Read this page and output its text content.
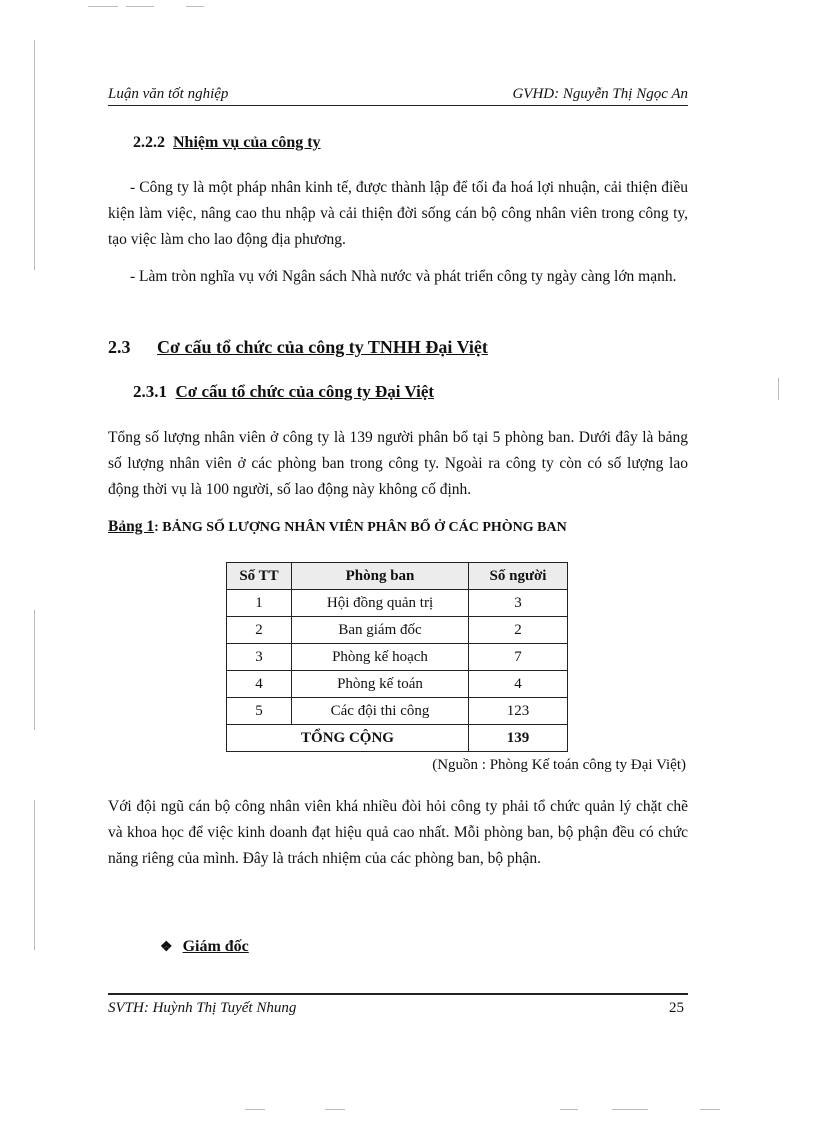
Luận văn tốt nghiệp	GVHD: Nguyễn Thị Ngọc An
2.2.2 Nhiệm vụ của công ty
- Công ty là một pháp nhân kinh tế, được thành lập để tối đa hoá lợi nhuận, cải thiện điều kiện làm việc, nâng cao thu nhập và cải thiện đời sống cán bộ công nhân viên trong công ty, tạo việc làm cho lao động địa phương.
- Làm tròn nghĩa vụ với Ngân sách Nhà nước và phát triển công ty ngày càng lớn mạnh.
2.3 Cơ cấu tổ chức của công ty TNHH Đại Việt
2.3.1 Cơ cấu tổ chức của công ty Đại Việt
Tổng số lượng nhân viên ở công ty là 139 người phân bổ tại 5 phòng ban. Dưới đây là bảng số lượng nhân viên ở các phòng ban trong công ty. Ngoài ra công ty còn có số lượng lao động thời vụ là 100 người, số lao động này không cố định.
Bảng 1: BẢNG SỐ LƯỢNG NHÂN VIÊN PHÂN BỔ Ở CÁC PHÒNG BAN
Số TT	Phòng ban	Số người
1	Hội đồng quản trị	3
2	Ban giám đốc	2
3	Phòng kế hoạch	7
4	Phòng kế toán	4
5	Các đội thi công	123
TỔNG CỘNG		139
(Nguồn : Phòng Kế toán công ty Đại Việt)
Với đội ngũ cán bộ công nhân viên khá nhiều đòi hỏi công ty phải tổ chức quản lý chặt chẽ và khoa học để việc kinh doanh đạt hiệu quả cao nhất. Mỗi phòng ban, bộ phận đều có chức năng riêng của mình. Đây là trách nhiệm của các phòng ban, bộ phận.
❖ Giám đốc
SVTH: Huỳnh Thị Tuyết Nhung	25
